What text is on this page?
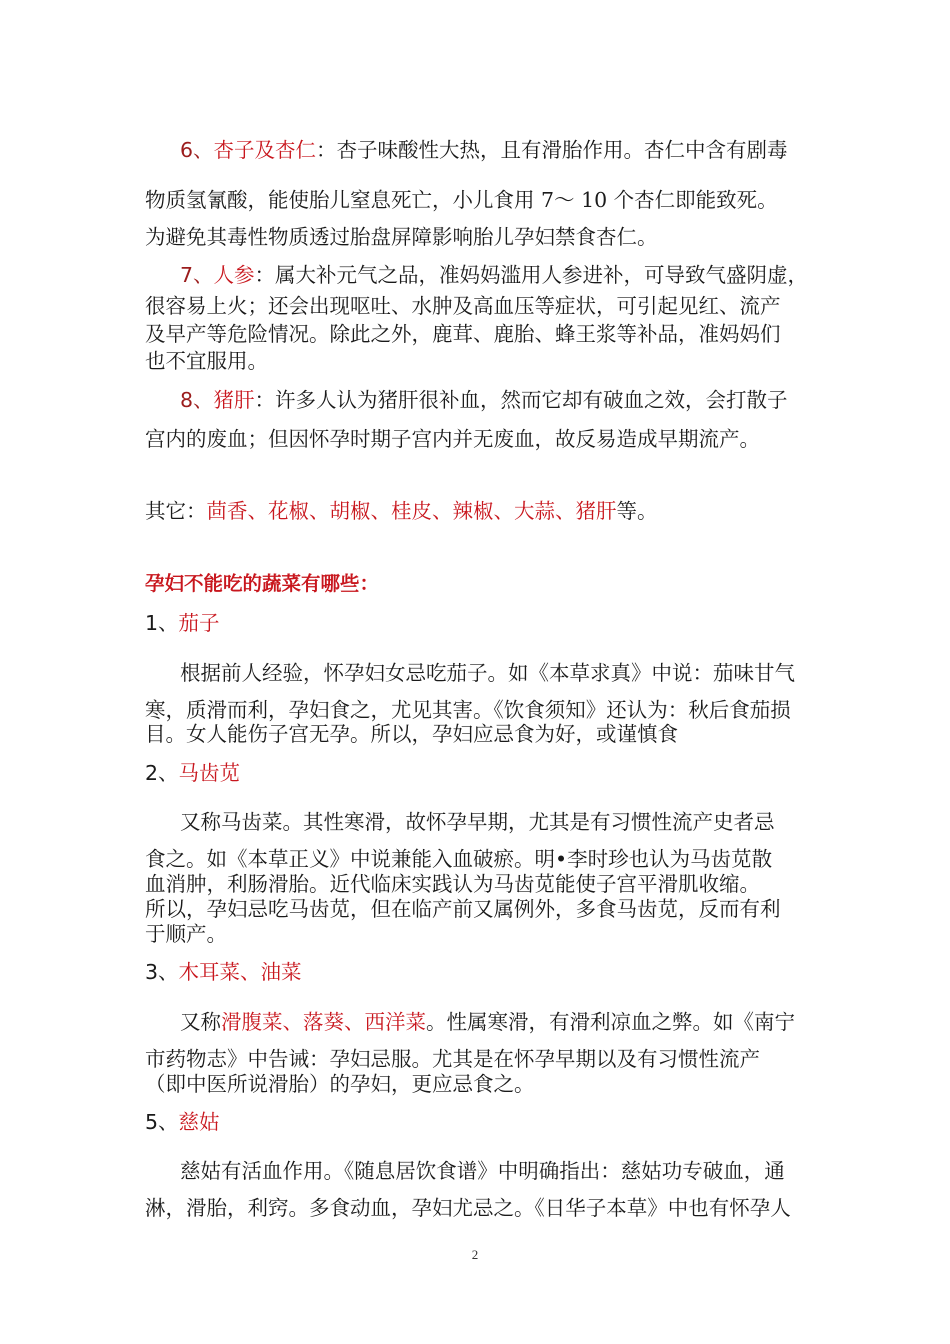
6、杏子及杏仁：杏子味酸性大热，且有滑胎作用。杏仁中含有剧毒
物质氢氰酸，能使胎儿窒息死亡，小儿食用 7～ 10 个杏仁即能致死。
为避免其毒性物质透过胎盘屏障影响胎儿孕妇禁食杏仁。
7、人参：属大补元气之品，准妈妈滥用人参进补，可导致气盛阴虚，
很容易上火；还会出现呕吐、水肿及高血压等症状，可引起见红、流产
及早产等危险情况。除此之外，鹿茸、鹿胎、蜂王浆等补品，准妈妈们
也不宜服用。
8、猪肝：许多人认为猪肝很补血，然而它却有破血之效，会打散子
宫内的废血；但因怀孕时期子宫内并无废血，故反易造成早期流产。
其它：茴香、花椒、胡椒、桂皮、辣椒、大蒜、猪肝等。
孕妇不能吃的蔬菜有哪些：
1、茄子
根据前人经验，怀孕妇女忌吃茄子。如《本草求真》中说：茄味甘气
寒，质滑而利，孕妇食之，尤见其害。《饮食须知》还认为：秋后食茄损
目。女人能伤子宫无孕。所以，孕妇应忌食为好，或谨慎食
2、马齿苋
又称马齿菜。其性寒滑，故怀孕早期，尤其是有习惯性流产史者忌
食之。如《本草正义》中说兼能入血破瘀。明•李时珍也认为马齿苋散
血消肿，利肠滑胎。近代临床实践认为马齿苋能使子宫平滑肌收缩。
所以，孕妇忌吃马齿苋，但在临产前又属例外，多食马齿苋，反而有利
于顺产。
3、木耳菜、油菜
又称滑腹菜、落葵、西洋菜。性属寒滑，有滑利凉血之弊。如《南宁
市药物志》中告诫：孕妇忌服。尤其是在怀孕早期以及有习惯性流产
（即中医所说滑胎）的孕妇，更应忌食之。
5、慈姑
慈姑有活血作用。《随息居饮食谱》中明确指出：慈姑功专破血，通
淋，滑胎，利窍。多食动血，孕妇尤忌之。《日华子本草》中也有怀孕人
2
